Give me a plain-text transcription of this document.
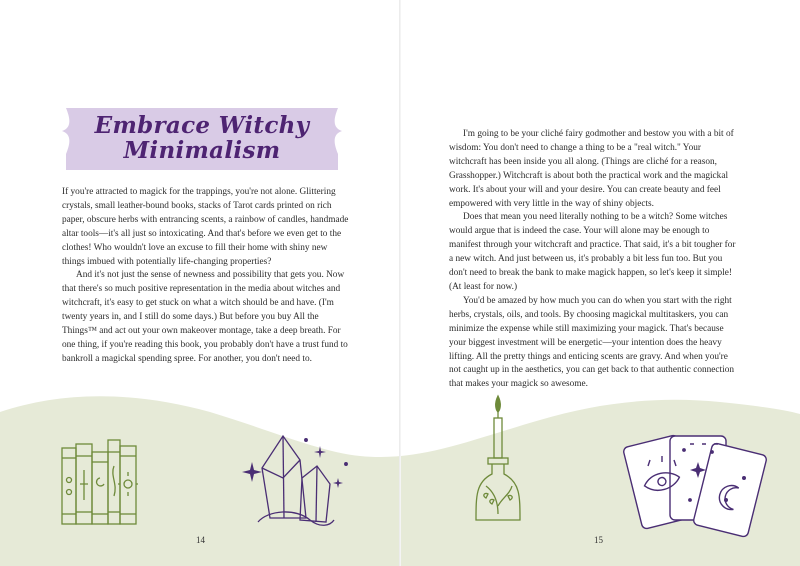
Embrace Witchy
Minimalism

If you're attracted to magick for the trappings, you're not alone. Glittering crystals, small leather-bound books, stacks of Tarot cards printed on rich paper, obscure herbs with entrancing scents, a rainbow of candles, handmade altar tools—it's all just so intoxicating. And that's before we even get to the clothes! Who wouldn't love an excuse to fill their home with shiny new things imbued with potentially life-changing properties?

And it's not just the sense of newness and possibility that gets you. Now that there's so much positive representation in the media about witches and witchcraft, it's easy to get stuck on what a witch should be and have. (I'm twenty years in, and I still do some days.) But before you buy All the Things™ and act out your own makeover montage, take a deep breath. For one thing, if you're reading this book, you probably don't have a trust fund to bankroll a magickal spending spree. For another, you don't need to.

I'm going to be your cliché fairy godmother and bestow you with a bit of wisdom: You don't need to change a thing to be a "real witch." Your witchcraft has been inside you all along. (Things are cliché for a reason, Grasshopper.) Witchcraft is about both the practical work and the magickal work. It's about your will and your desire. You can create beauty and feel empowered with very little in the way of shiny objects.

Does that mean you need literally nothing to be a witch? Some witches would argue that is indeed the case. Your will alone may be enough to manifest through your witchcraft and practice. That said, it's a bit tougher for a new witch. And just between us, it's probably a bit less fun too. But you don't need to break the bank to make magick happen, so let's keep it simple! (At least for now.)

You'd be amazed by how much you can do when you start with the right herbs, crystals, oils, and tools. By choosing magickal multitaskers, you can minimize the expense while still maximizing your magick. That's because your biggest investment will be energetic—your intention does the heavy lifting. All the pretty things and enticing scents are gravy. And when you're not caught up in the aesthetics, you can get back to that authentic connection that makes your magick so awesome.

14	15
